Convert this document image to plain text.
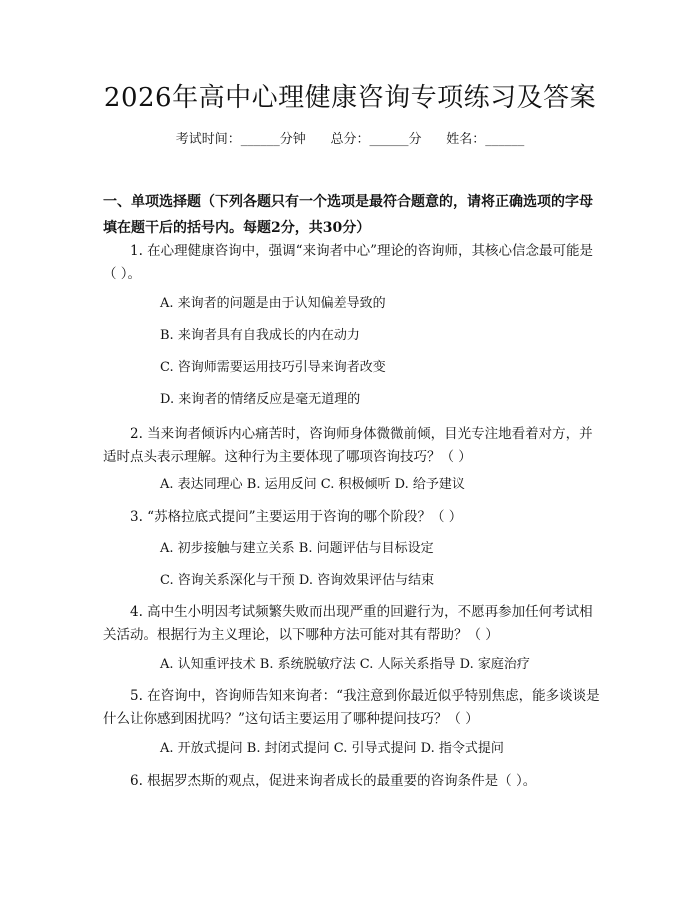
2026年高中心理健康咨询专项练习及答案
考试时间：______分钟      总分：______分      姓名：______
一、单项选择题（下列各题只有一个选项是最符合题意的，请将正确选项的字母填在题干后的括号内。每题2分，共30分）
1. 在心理健康咨询中，强调“来询者中心”理论的咨询师，其核心信念最可能是（ ）。
A. 来询者的问题是由于认知偏差导致的
B. 来询者具有自我成长的内在动力
C. 咨询师需要运用技巧引导来询者改变
D. 来询者的情绪反应是毫无道理的
2. 当来询者倾诉内心痛苦时，咨询师身体微微前倾，目光专注地看着对方，并适时点头表示理解。这种行为主要体现了哪项咨询技巧？（ ）
A. 表达同理心 B. 运用反问 C. 积极倾听 D. 给予建议
3. “苏格拉底式提问”主要运用于咨询的哪个阶段？（ ）
A. 初步接触与建立关系 B. 问题评估与目标设定
C. 咨询关系深化与干预 D. 咨询效果评估与结束
4. 高中生小明因考试频繁失败而出现严重的回避行为，不愿再参加任何考试相关活动。根据行为主义理论，以下哪种方法可能对其有帮助？（ ）
A. 认知重评技术 B. 系统脱敏疗法 C. 人际关系指导 D. 家庭治疗
5. 在咨询中，咨询师告知来询者：“我注意到你最近似乎特别焦虑，能多谈谈是什么让你感到困扰吗？”这句话主要运用了哪种提问技巧？（ ）
A. 开放式提问 B. 封闭式提问 C. 引导式提问 D. 指令式提问
6. 根据罗杰斯的观点，促进来询者成长的最重要的咨询条件是（ ）。
